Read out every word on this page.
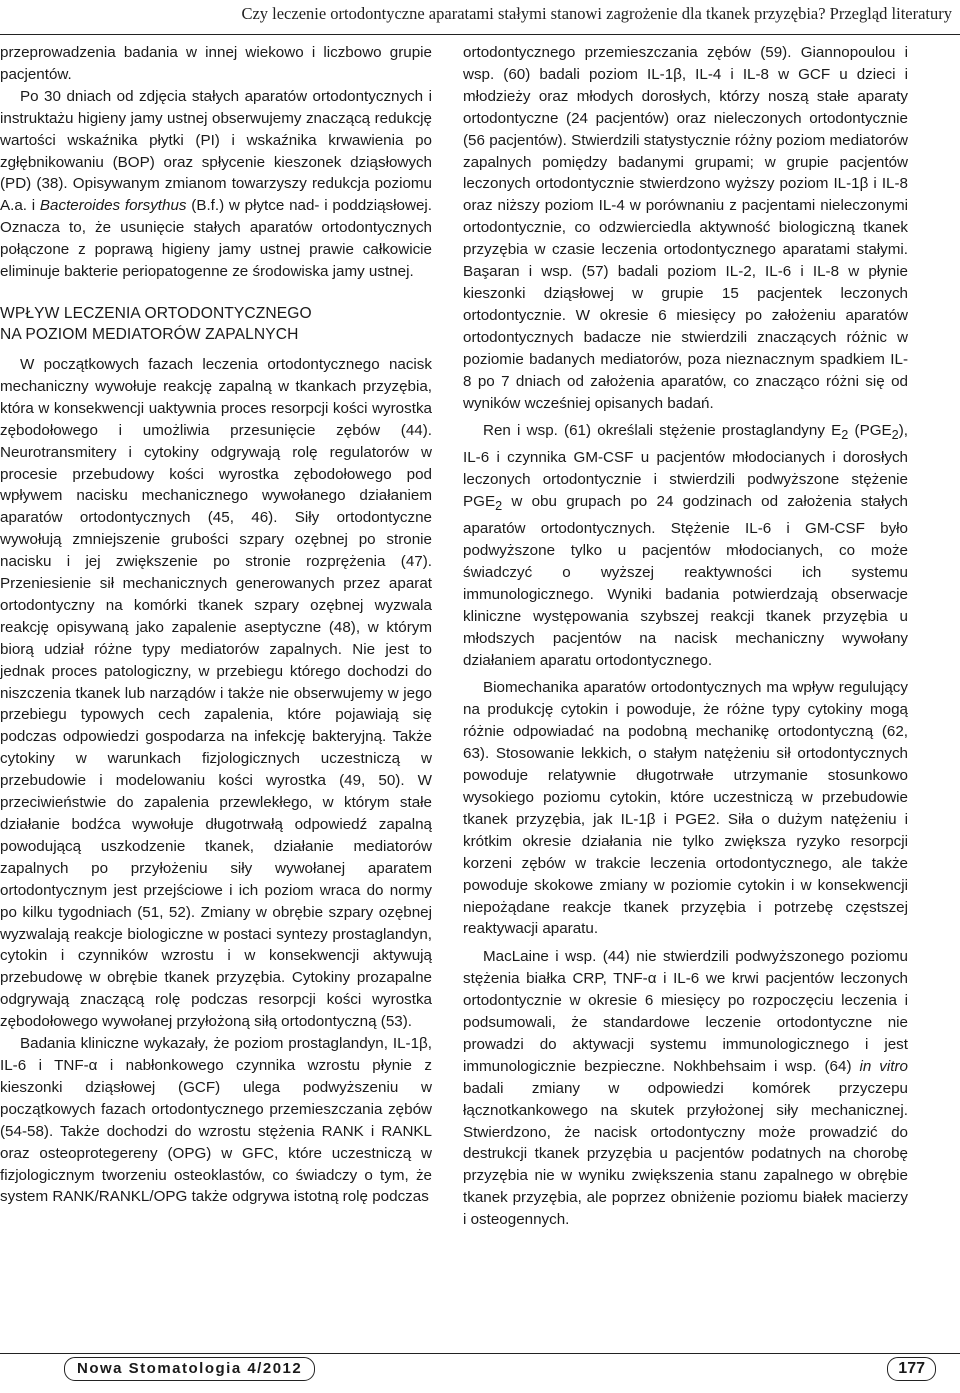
Czy leczenie ortodontyczne aparatami stałymi stanowi zagrożenie dla tkanek przyzębia? Przegląd literatury

przeprowadzenia badania w innej wiekowo i liczbowo grupie pacjentów.

Po 30 dniach od zdjęcia stałych aparatów ortodontycznych i instruktażu higieny jamy ustnej obserwujemy znaczącą redukcję wartości wskaźnika płytki (PI) i wskaźnika krwawienia po zgłębnikowaniu (BOP) oraz spłycenie kieszonek dziąsłowych (PD) (38). Opisywanym zmianom towarzyszy redukcja poziomu A.a. i Bacteroides forsythus (B.f.) w płytce nad- i poddziąsłowej. Oznacza to, że usunięcie stałych aparatów ortodontycznych połączone z poprawą higieny jamy ustnej prawie całkowicie eliminuje bakterie periopatogenne ze środowiska jamy ustnej.

WPŁYW LECZENIA ORTODONTYCZNEGO
NA POZIOM MEDIATORÓW ZAPALNYCH

W początkowych fazach leczenia ortodontycznego nacisk mechaniczny wywołuje reakcję zapalną w tkankach przyzębia, która w konsekwencji uaktywnia proces resorpcji kości wyrostka zębodołowego i umożliwia przesunięcie zębów (44). Neurotransmitery i cytokiny odgrywają rolę regulatorów w procesie przebudowy kości wyrostka zębodołowego pod wpływem nacisku mechanicznego wywołanego działaniem aparatów ortodontycznych (45, 46). Siły ortodontyczne wywołują zmniejszenie grubości szpary ozębnej po stronie nacisku i jej zwiększenie po stronie rozprężenia (47). Przeniesienie sił mechanicznych generowanych przez aparat ortodontyczny na komórki tkanek szpary ozębnej wyzwala reakcję opisywaną jako zapalenie aseptyczne (48), w którym biorą udział różne typy mediatorów zapalnych. Nie jest to jednak proces patologiczny, w przebiegu którego dochodzi do niszczenia tkanek lub narządów i także nie obserwujemy w jego przebiegu typowych cech zapalenia, które pojawiają się podczas odpowiedzi gospodarza na infekcję bakteryjną. Także cytokiny w warunkach fizjologicznych uczestniczą w przebudowie i modelowaniu kości wyrostka (49, 50). W przeciwieństwie do zapalenia przewlekłego, w którym stałe działanie bodźca wywołuje długotrwałą odpowiedź zapalną powodującą uszkodzenie tkanek, działanie mediatorów zapalnych po przyłożeniu siły wywołanej aparatem ortodontycznym jest przejściowe i ich poziom wraca do normy po kilku tygodniach (51, 52). Zmiany w obrębie szpary ozębnej wyzwalają reakcje biologiczne w postaci syntezy prostaglandyn, cytokin i czynników wzrostu i w konsekwencji aktywują przebudowę w obrębie tkanek przyzębia. Cytokiny prozapalne odgrywają znaczącą rolę podczas resorpcji kości wyrostka zębodołowego wywołanej przyłożoną siłą ortodontyczną (53).

Badania kliniczne wykazały, że poziom prostaglandyn, IL-1β, IL-6 i TNF-α i nabłonkowego czynnika wzrostu płynie z kieszonki dziąsłowej (GCF) ulega podwyższeniu w początkowych fazach ortodontycznego przemieszczania zębów (54-58). Także dochodzi do wzrostu stężenia RANK i RANKL oraz osteoprotegereny (OPG) w GFC, które uczestniczą w fizjologicznym tworzeniu osteoklastów, co świadczy o tym, że system RANK/RANKL/OPG także odgrywa istotną rolę podczas

ortodontycznego przemieszczania zębów (59). Giannopoulou i wsp. (60) badali poziom IL-1β, IL-4 i IL-8 w GCF u dzieci i młodzieży oraz młodych dorosłych, którzy noszą stałe aparaty ortodontyczne (24 pacjentów) oraz nieleczonych ortodontycznie (56 pacjentów). Stwierdzili statystycznie różny poziom mediatorów zapalnych pomiędzy badanymi grupami; w grupie pacjentów leczonych ortodontycznie stwierdzono wyższy poziom IL-1β i IL-8 oraz niższy poziom IL-4 w porównaniu z pacjentami nieleczonymi ortodontycznie, co odzwierciedla aktywność biologiczną tkanek przyzębia w czasie leczenia ortodontycznego aparatami stałymi. Başaran i wsp. (57) badali poziom IL-2, IL-6 i IL-8 w płynie kieszonki dziąsłowej w grupie 15 pacjentek leczonych ortodontycznie. W okresie 6 miesięcy po założeniu aparatów ortodontycznych badacze nie stwierdzili znaczących różnic w poziomie badanych mediatorów, poza nieznacznym spadkiem IL-8 po 7 dniach od założenia aparatów, co znacząco różni się od wyników wcześniej opisanych badań.

Ren i wsp. (61) określali stężenie prostaglandyny $E_2$ $(PGE_2)$, IL-6 i czynnika GM-CSF u pacjentów młodocianych i dorosłych leczonych ortodontycznie i stwierdzili podwyższone stężenie $PGE_2$ w obu grupach po 24 godzinach od założenia stałych aparatów ortodontycznych. Stężenie IL-6 i GM-CSF było podwyższone tylko u pacjentów młodocianych, co może świadczyć o wyższej reaktywności ich systemu immunologicznego. Wyniki badania potwierdzają obserwacje kliniczne występowania szybszej reakcji tkanek przyzębia u młodszych pacjentów na nacisk mechaniczny wywołany działaniem aparatu ortodontycznego.

Biomechanika aparatów ortodontycznych ma wpływ regulujący na produkcję cytokin i powoduje, że różne typy cytokiny mogą różnie odpowiadać na podobną mechanikę ortodontyczną (62, 63). Stosowanie lekkich, o stałym natężeniu sił ortodontycznych powoduje relatywnie długotrwałe utrzymanie stosunkowo wysokiego poziomu cytokin, które uczestniczą w przebudowie tkanek przyzębia, jak IL-1β i PGE2. Siła o dużym natężeniu i krótkim okresie działania nie tylko zwiększa ryzyko resorpcji korzeni zębów w trakcie leczenia ortodontycznego, ale także powoduje skokowe zmiany w poziomie cytokin i w konsekwencji niepożądane reakcje tkanek przyzębia i potrzebę częstszej reaktywacji aparatu.

MacLaine i wsp. (44) nie stwierdzili podwyższonego poziomu stężenia białka CRP, TNF-α i IL-6 we krwi pacjentów leczonych ortodontycznie w okresie 6 miesięcy po rozpoczęciu leczenia i podsumowali, że standardowe leczenie ortodontyczne nie prowadzi do aktywacji systemu immunologicznego i jest immunologicznie bezpieczne. Nokhbehsaim i wsp. (64) in vitro badali zmiany w odpowiedzi komórek przyczepu łącznotkankowego na skutek przyłożonej siły mechanicznej. Stwierdzono, że nacisk ortodontyczny może prowadzić do destrukcji tkanek przyzębia u pacjentów podatnych na chorobę przyzębia nie w wyniku zwiększenia stanu zapalnego w obrębie tkanek przyzębia, ale poprzez obniżenie poziomu białek macierzy i osteogennych.

Nowa Stomatologia 4/2012	177
